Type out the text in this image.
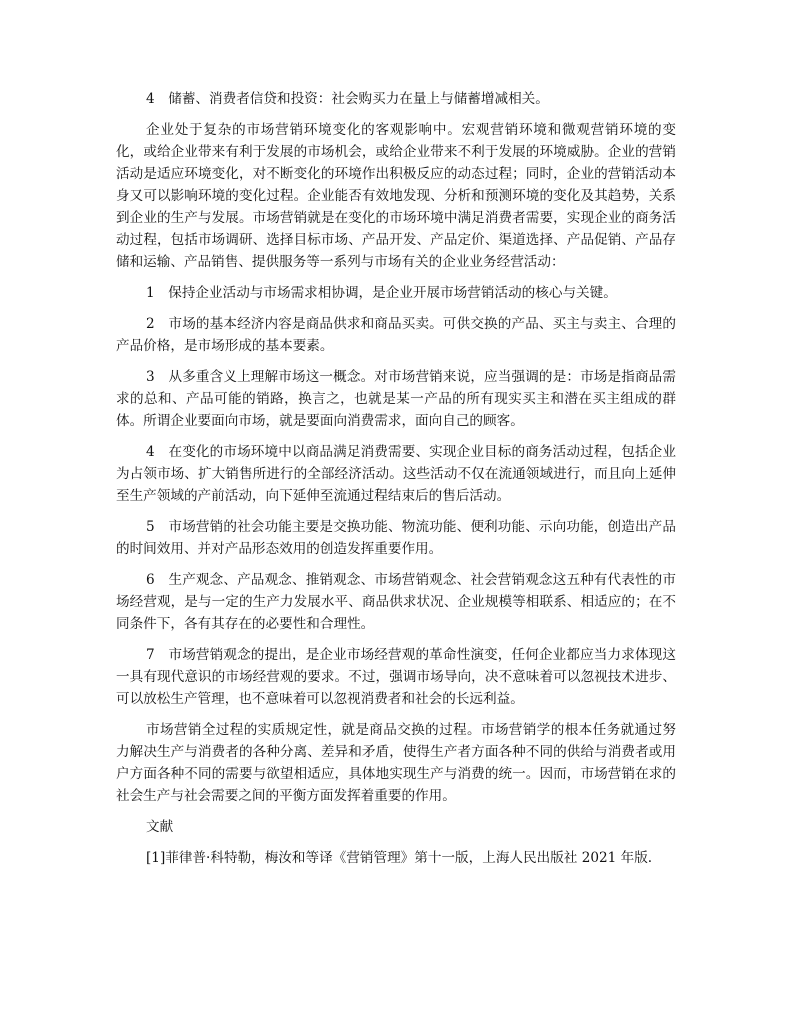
4　储蓄、消费者信贷和投资：社会购买力在量上与储蓄增减相关。

企业处于复杂的市场营销环境变化的客观影响中。宏观营销环境和微观营销环境的变化，或给企业带来有利于发展的市场机会，或给企业带来不利于发展的环境威胁。企业的营销活动是适应环境变化，对不断变化的环境作出积极反应的动态过程；同时，企业的营销活动本身又可以影响环境的变化过程。企业能否有效地发现、分析和预测环境的变化及其趋势，关系到企业的生产与发展。市场营销就是在变化的市场环境中满足消费者需要，实现企业的商务活动过程，包括市场调研、选择目标市场、产品开发、产品定价、渠道选择、产品促销、产品存储和运输、产品销售、提供服务等一系列与市场有关的企业业务经营活动：

1　保持企业活动与市场需求相协调，是企业开展市场营销活动的核心与关键。

2　市场的基本经济内容是商品供求和商品买卖。可供交换的产品、买主与卖主、合理的产品价格，是市场形成的基本要素。

3　从多重含义上理解市场这一概念。对市场营销来说，应当强调的是：市场是指商品需求的总和、产品可能的销路，换言之，也就是某一产品的所有现实买主和潜在买主组成的群体。所谓企业要面向市场，就是要面向消费需求，面向自己的顾客。

4　在变化的市场环境中以商品满足消费需要、实现企业目标的商务活动过程，包括企业为占领市场、扩大销售所进行的全部经济活动。这些活动不仅在流通领域进行，而且向上延伸至生产领域的产前活动，向下延伸至流通过程结束后的售后活动。

5　市场营销的社会功能主要是交换功能、物流功能、便利功能、示向功能，创造出产品的时间效用、并对产品形态效用的创造发挥重要作用。

6　生产观念、产品观念、推销观念、市场营销观念、社会营销观念这五种有代表性的市场经营观，是与一定的生产力发展水平、商品供求状况、企业规模等相联系、相适应的；在不同条件下，各有其存在的必要性和合理性。

7　市场营销观念的提出，是企业市场经营观的革命性演变，任何企业都应当力求体现这一具有现代意识的市场经营观的要求。不过，强调市场导向，决不意味着可以忽视技术进步、可以放松生产管理，也不意味着可以忽视消费者和社会的长远利益。

市场营销全过程的实质规定性，就是商品交换的过程。市场营销学的根本任务就通过努力解决生产与消费者的各种分离、差异和矛盾，使得生产者方面各种不同的供给与消费者或用户方面各种不同的需要与欲望相适应，具体地实现生产与消费的统一。因而，市场营销在求的社会生产与社会需要之间的平衡方面发挥着重要的作用。

文献

[1]菲律普·科特勒，梅汝和等译《营销管理》第十一版，上海人民出版社 2021 年版.
